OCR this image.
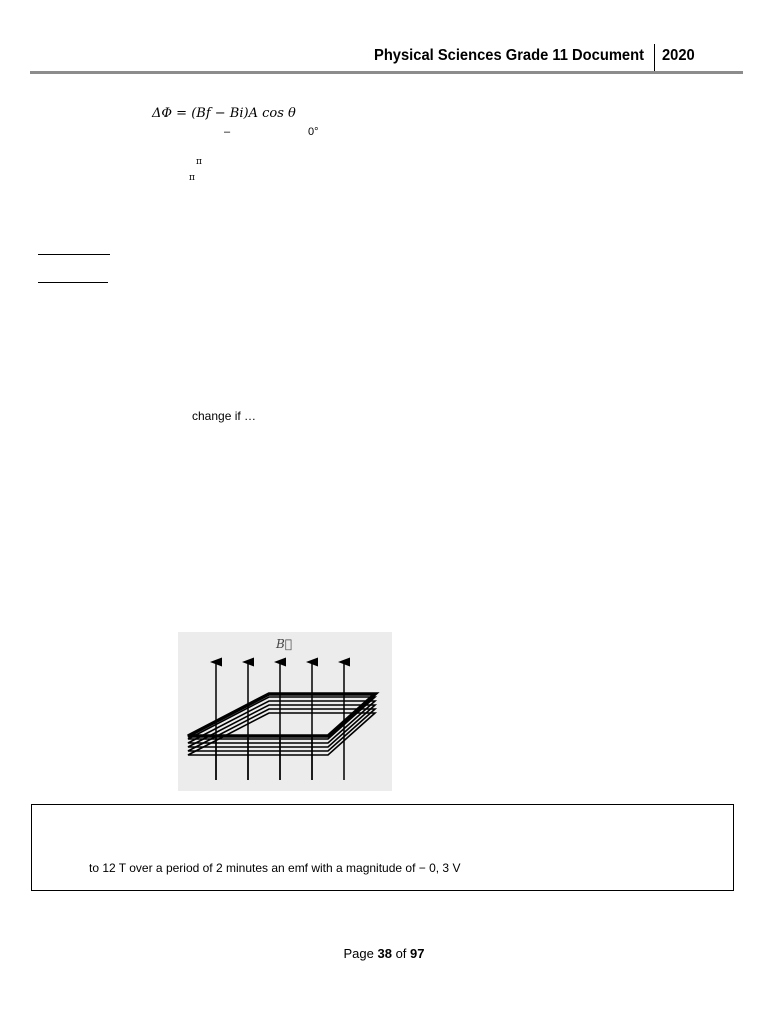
Physical Sciences Grade 11 Document 2020
ΔΦ = (Bf − Bi)A cos θ
–	0°
π
π
change if …
B⃗
to 12 T over a period of 2 minutes an emf with a magnitude of − 0, 3 V
Page 38 of 97
